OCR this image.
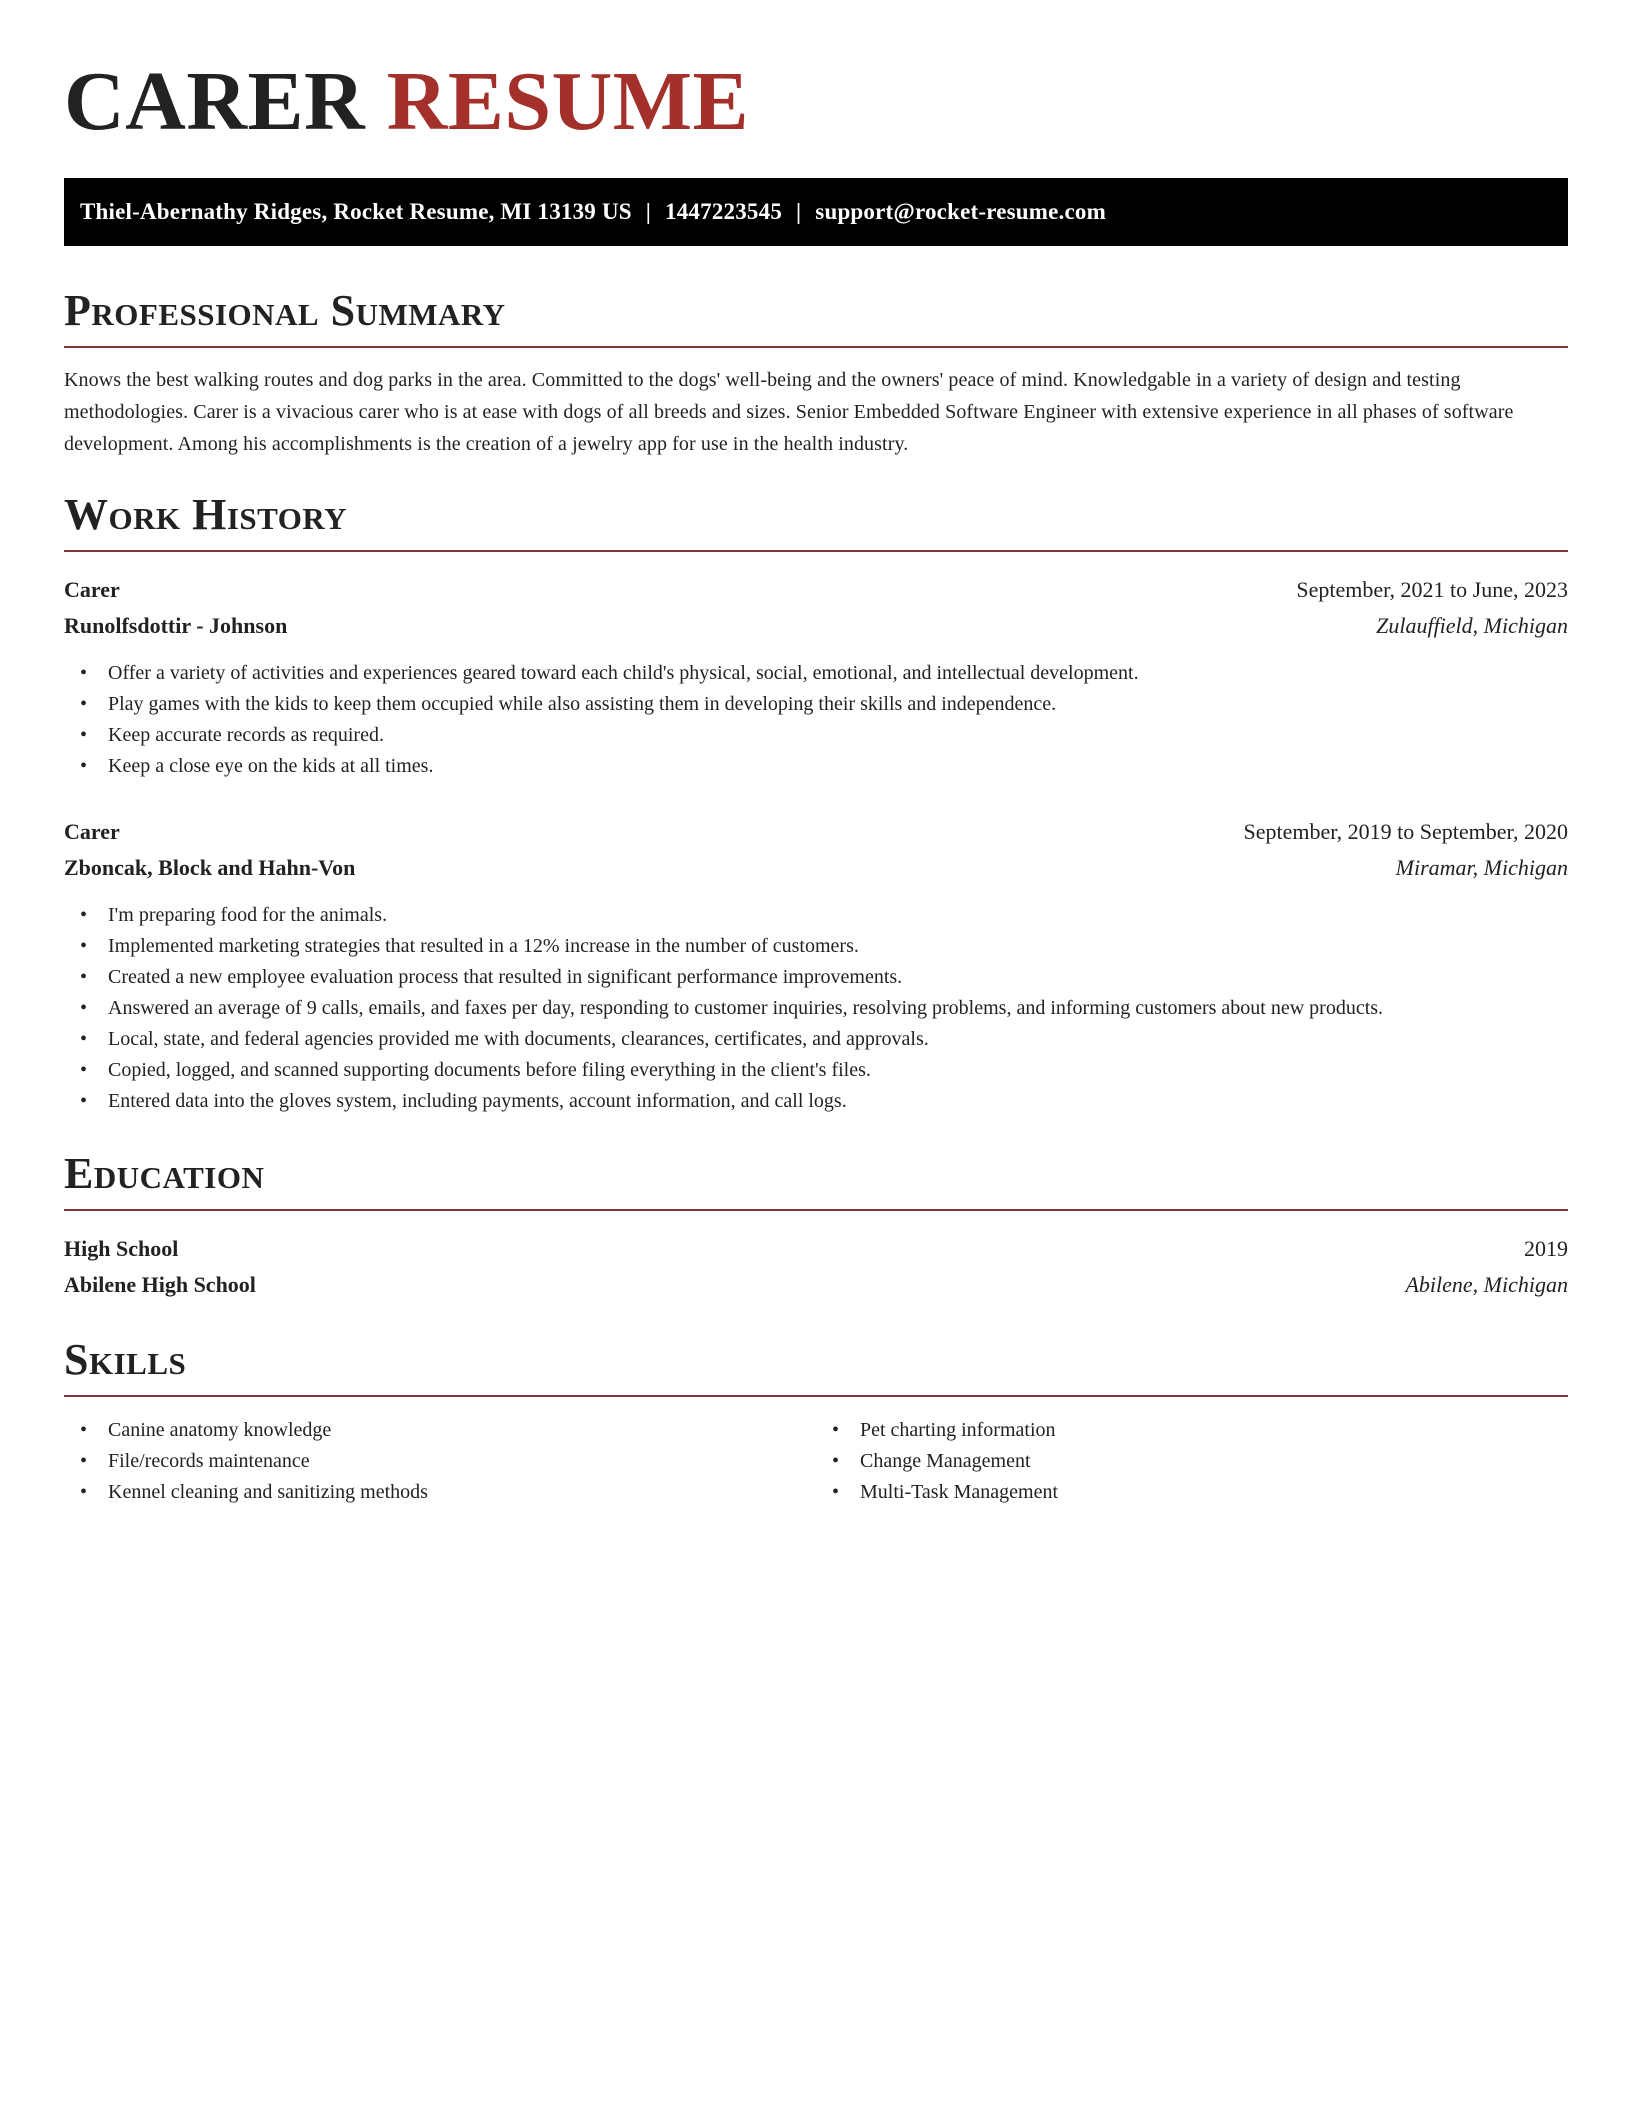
CARER RESUME
Thiel-Abernathy Ridges, Rocket Resume, MI 13139 US | 1447223545 | support@rocket-resume.com
Professional Summary

Knows the best walking routes and dog parks in the area. Committed to the dogs' well-being and the owners' peace of mind. Knowledgable in a variety of design and testing methodologies. Carer is a vivacious carer who is at ease with dogs of all breeds and sizes. Senior Embedded Software Engineer with extensive experience in all phases of software development. Among his accomplishments is the creation of a jewelry app for use in the health industry.

Work History
Carer	September, 2021 to June, 2023
Runolfsdottir - Johnson	Zulauffield, Michigan
• Offer a variety of activities and experiences geared toward each child's physical, social, emotional, and intellectual development.
• Play games with the kids to keep them occupied while also assisting them in developing their skills and independence.
• Keep accurate records as required.
• Keep a close eye on the kids at all times.
Carer	September, 2019 to September, 2020
Zboncak, Block and Hahn-Von	Miramar, Michigan
• I'm preparing food for the animals.
• Implemented marketing strategies that resulted in a 12% increase in the number of customers.
• Created a new employee evaluation process that resulted in significant performance improvements.
• Answered an average of 9 calls, emails, and faxes per day, responding to customer inquiries, resolving problems, and informing customers about new products.
• Local, state, and federal agencies provided me with documents, clearances, certificates, and approvals.
• Copied, logged, and scanned supporting documents before filing everything in the client's files.
• Entered data into the gloves system, including payments, account information, and call logs.
Education
High School	2019
Abilene High School	Abilene, Michigan
Skills
• Canine anatomy knowledge
• File/records maintenance
• Kennel cleaning and sanitizing methods
• Pet charting information
• Change Management
• Multi-Task Management
